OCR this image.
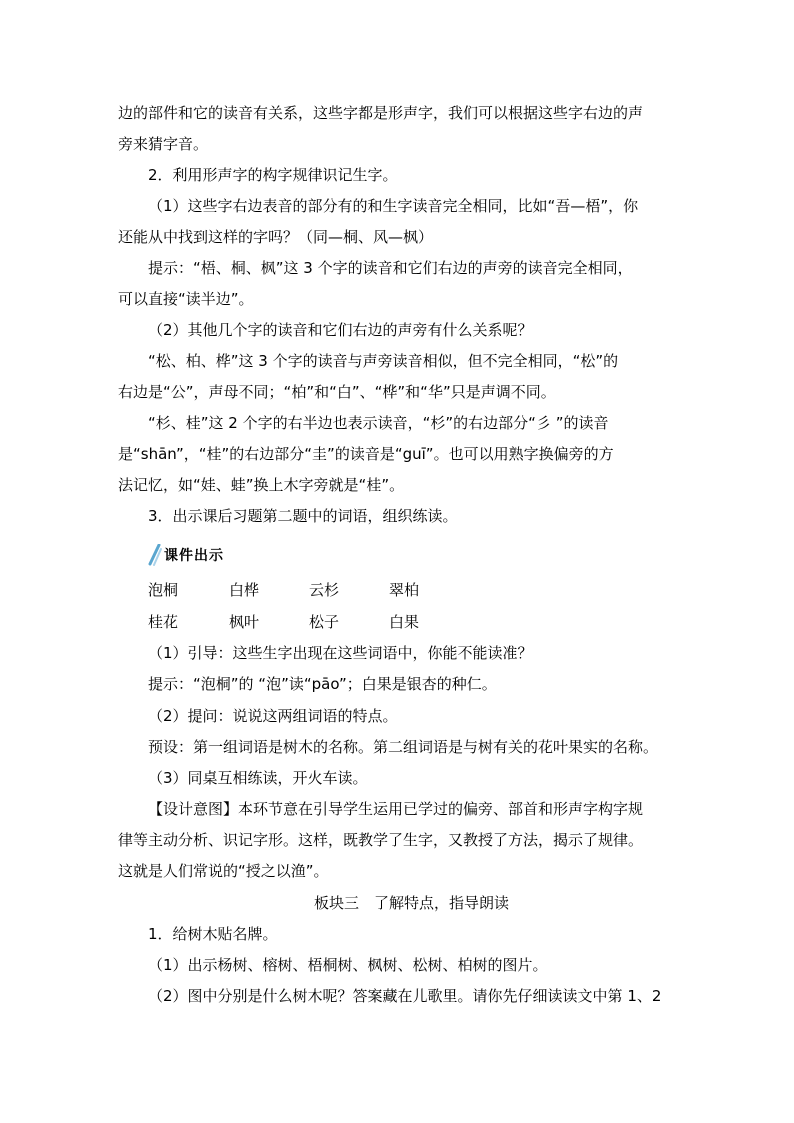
边的部件和它的读音有关系，这些字都是形声字，我们可以根据这些字右边的声
旁来猜字音。
2．利用形声字的构字规律识记生字。
（1）这些字右边表音的部分有的和生字读音完全相同，比如“吾—梧”，你
还能从中找到这样的字吗？（同—桐、风—枫）
提示：“梧、桐、枫”这 3 个字的读音和它们右边的声旁的读音完全相同，
可以直接“读半边”。
（2）其他几个字的读音和它们右边的声旁有什么关系呢？
“松、柏、桦”这 3 个字的读音与声旁读音相似，但不完全相同，“松”的
右边是“公”，声母不同；“柏”和“白”、“桦”和“华”只是声调不同。
“杉、桂”这 2 个字的右半边也表示读音，“杉”的右边部分“彡 ”的读音
是“shān”，“桂”的右边部分“圭”的读音是“guī”。也可以用熟字换偏旁的方
法记忆，如“娃、蛙”换上木字旁就是“桂”。
3．出示课后习题第二题中的词语，组织练读。
课件出示
泡桐	白桦	云杉	翠柏
桂花	枫叶	松子	白果
（1）引导：这些生字出现在这些词语中，你能不能读准？
提示：“泡桐”的 “泡”读“pāo”；白果是银杏的种仁。
（2）提问：说说这两组词语的特点。
预设：第一组词语是树木的名称。第二组词语是与树有关的花叶果实的名称。
（3）同桌互相练读，开火车读。
【设计意图】本环节意在引导学生运用已学过的偏旁、部首和形声字构字规
律等主动分析、识记字形。这样，既教学了生字，又教授了方法，揭示了规律。
这就是人们常说的“授之以渔”。
板块三　了解特点，指导朗读
1．给树木贴名牌。
（1）出示杨树、榕树、梧桐树、枫树、松树、柏树的图片。
（2）图中分别是什么树木呢？答案藏在儿歌里。请你先仔细读读文中第 1、2
